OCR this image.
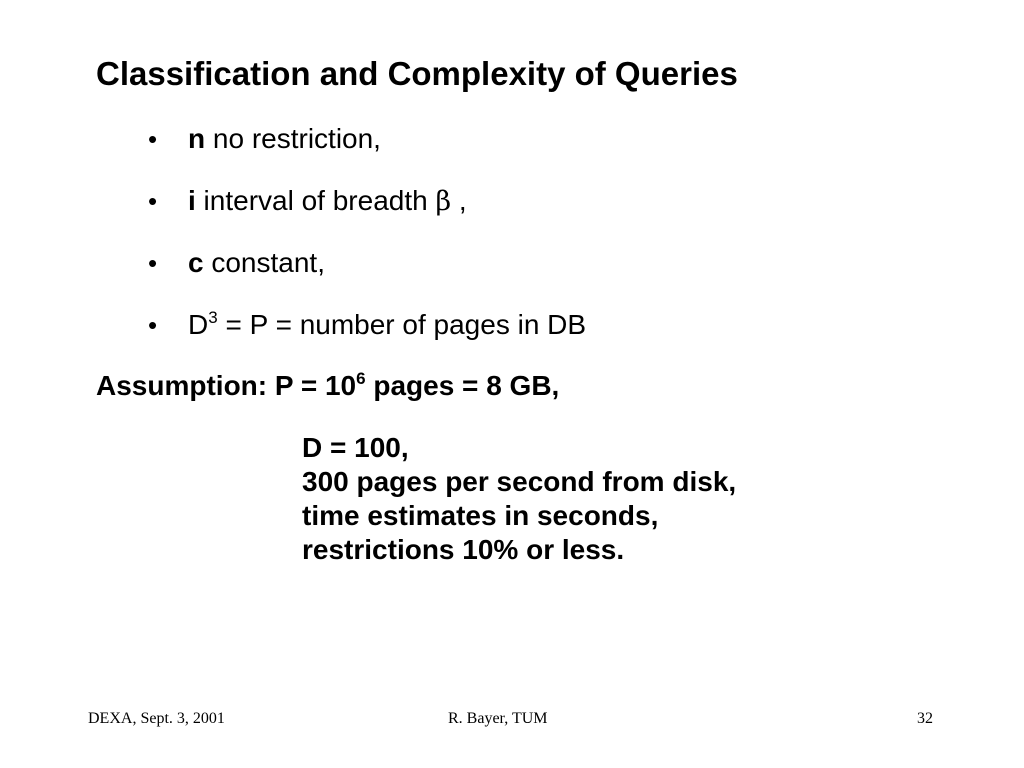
Classification and Complexity of Queries
• n no restriction,
• i interval of breadth β ,
• c constant,
• $D^3 = P$ = number of pages in DB
Assumption: $P = 10^6$ pages = 8 GB,
D = 100,
300 pages per second from disk,
time estimates in seconds,
restrictions 10% or less.
DEXA, Sept. 3, 2001	R. Bayer, TUM	32
